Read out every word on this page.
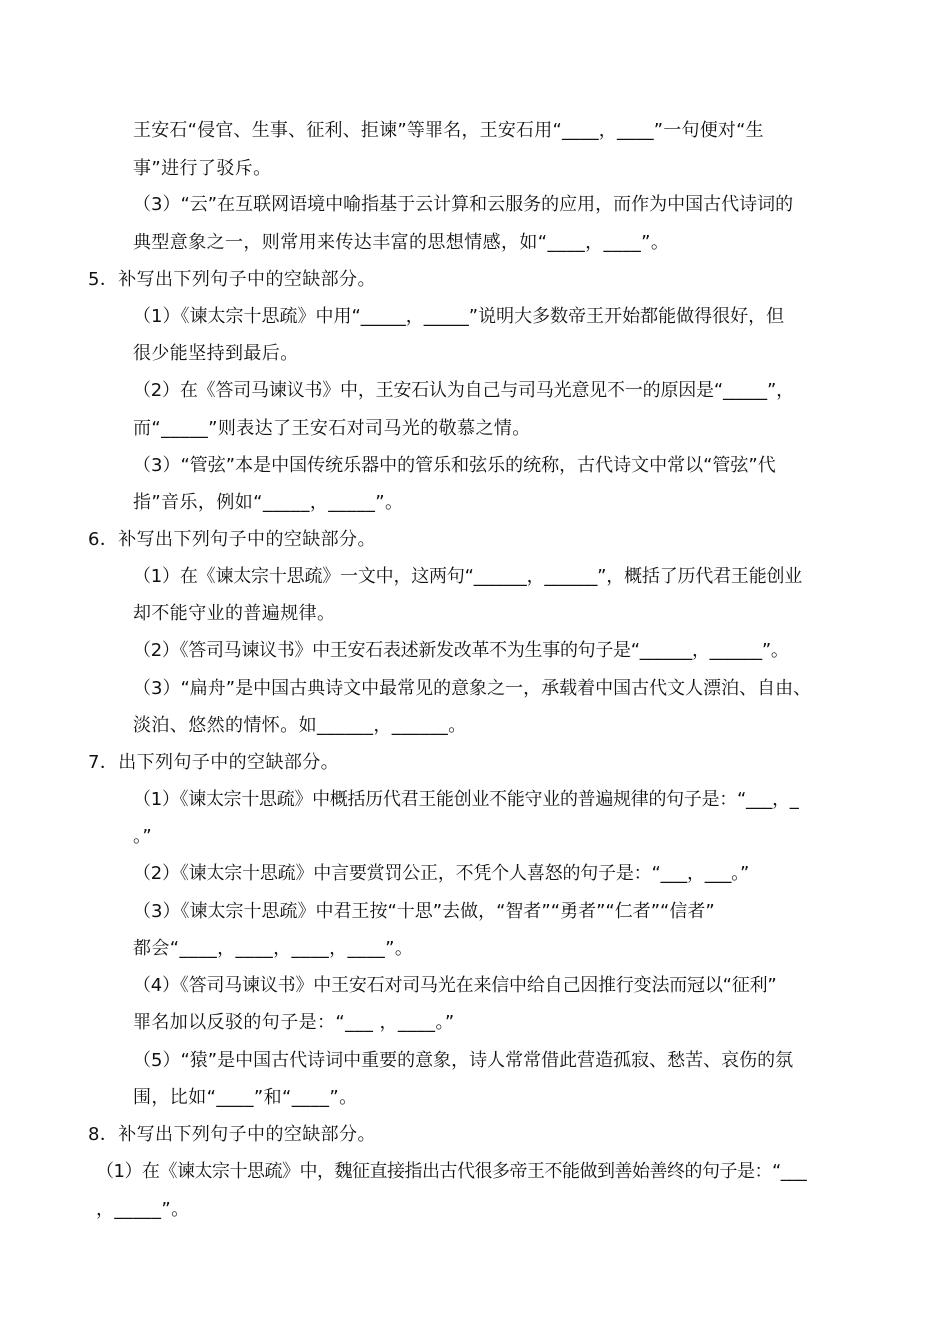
王安石“侵官、生事、征利、拒谏”等罪名，王安石用“____，____”一句便对“生

事”进行了驳斥。

（3）“云”在互联网语境中喻指基于云计算和云服务的应用，而作为中国古代诗词的

典型意象之一，则常用来传达丰富的思想情感，如“____，____”。

5．补写出下列句子中的空缺部分。

（1）《谏太宗十思疏》中用“_____，_____”说明大多数帝王开始都能做得很好，但

很少能坚持到最后。

（2）在《答司马谏议书》中，王安石认为自己与司马光意见不一的原因是“_____”，

而“_____”则表达了王安石对司马光的敬慕之情。

（3）“管弦”本是中国传统乐器中的管乐和弦乐的统称，古代诗文中常以“管弦”代

指”音乐，例如“_____，_____”。

6．补写出下列句子中的空缺部分。

（1）在《谏太宗十思疏》一文中，这两句“______，______”，概括了历代君王能创业

却不能守业的普遍规律。

（2）《答司马谏议书》中王安石表述新发改革不为生事的句子是“______，______”。

（3）“扁舟”是中国古典诗文中最常见的意象之一，承载着中国古代文人漂泊、自由、

淡泊、悠然的情怀。如______，______。

7．出下列句子中的空缺部分。

（1）《谏太宗十思疏》中概括历代君王能创业不能守业的普遍规律的句子是：“___，_

。”

（2）《谏太宗十思疏》中言要赏罚公正，不凭个人喜怒的句子是：“___，___。”

（3）《谏太宗十思疏》中君王按“十思”去做，“智者”“勇者”“仁者”“信者”

都会“____，____，____，____”。

（4）《答司马谏议书》中王安石对司马光在来信中给自己因推行变法而冠以“征利”

罪名加以反驳的句子是：“___ ，____。”

（5）“猿”是中国古代诗词中重要的意象，诗人常常借此营造孤寂、愁苦、哀伤的氛

围，比如“____”和“____”。

8．补写出下列句子中的空缺部分。

（1）在《谏太宗十思疏》中，魏征直接指出古代很多帝王不能做到善始善终的句子是：“___

，_____”。
